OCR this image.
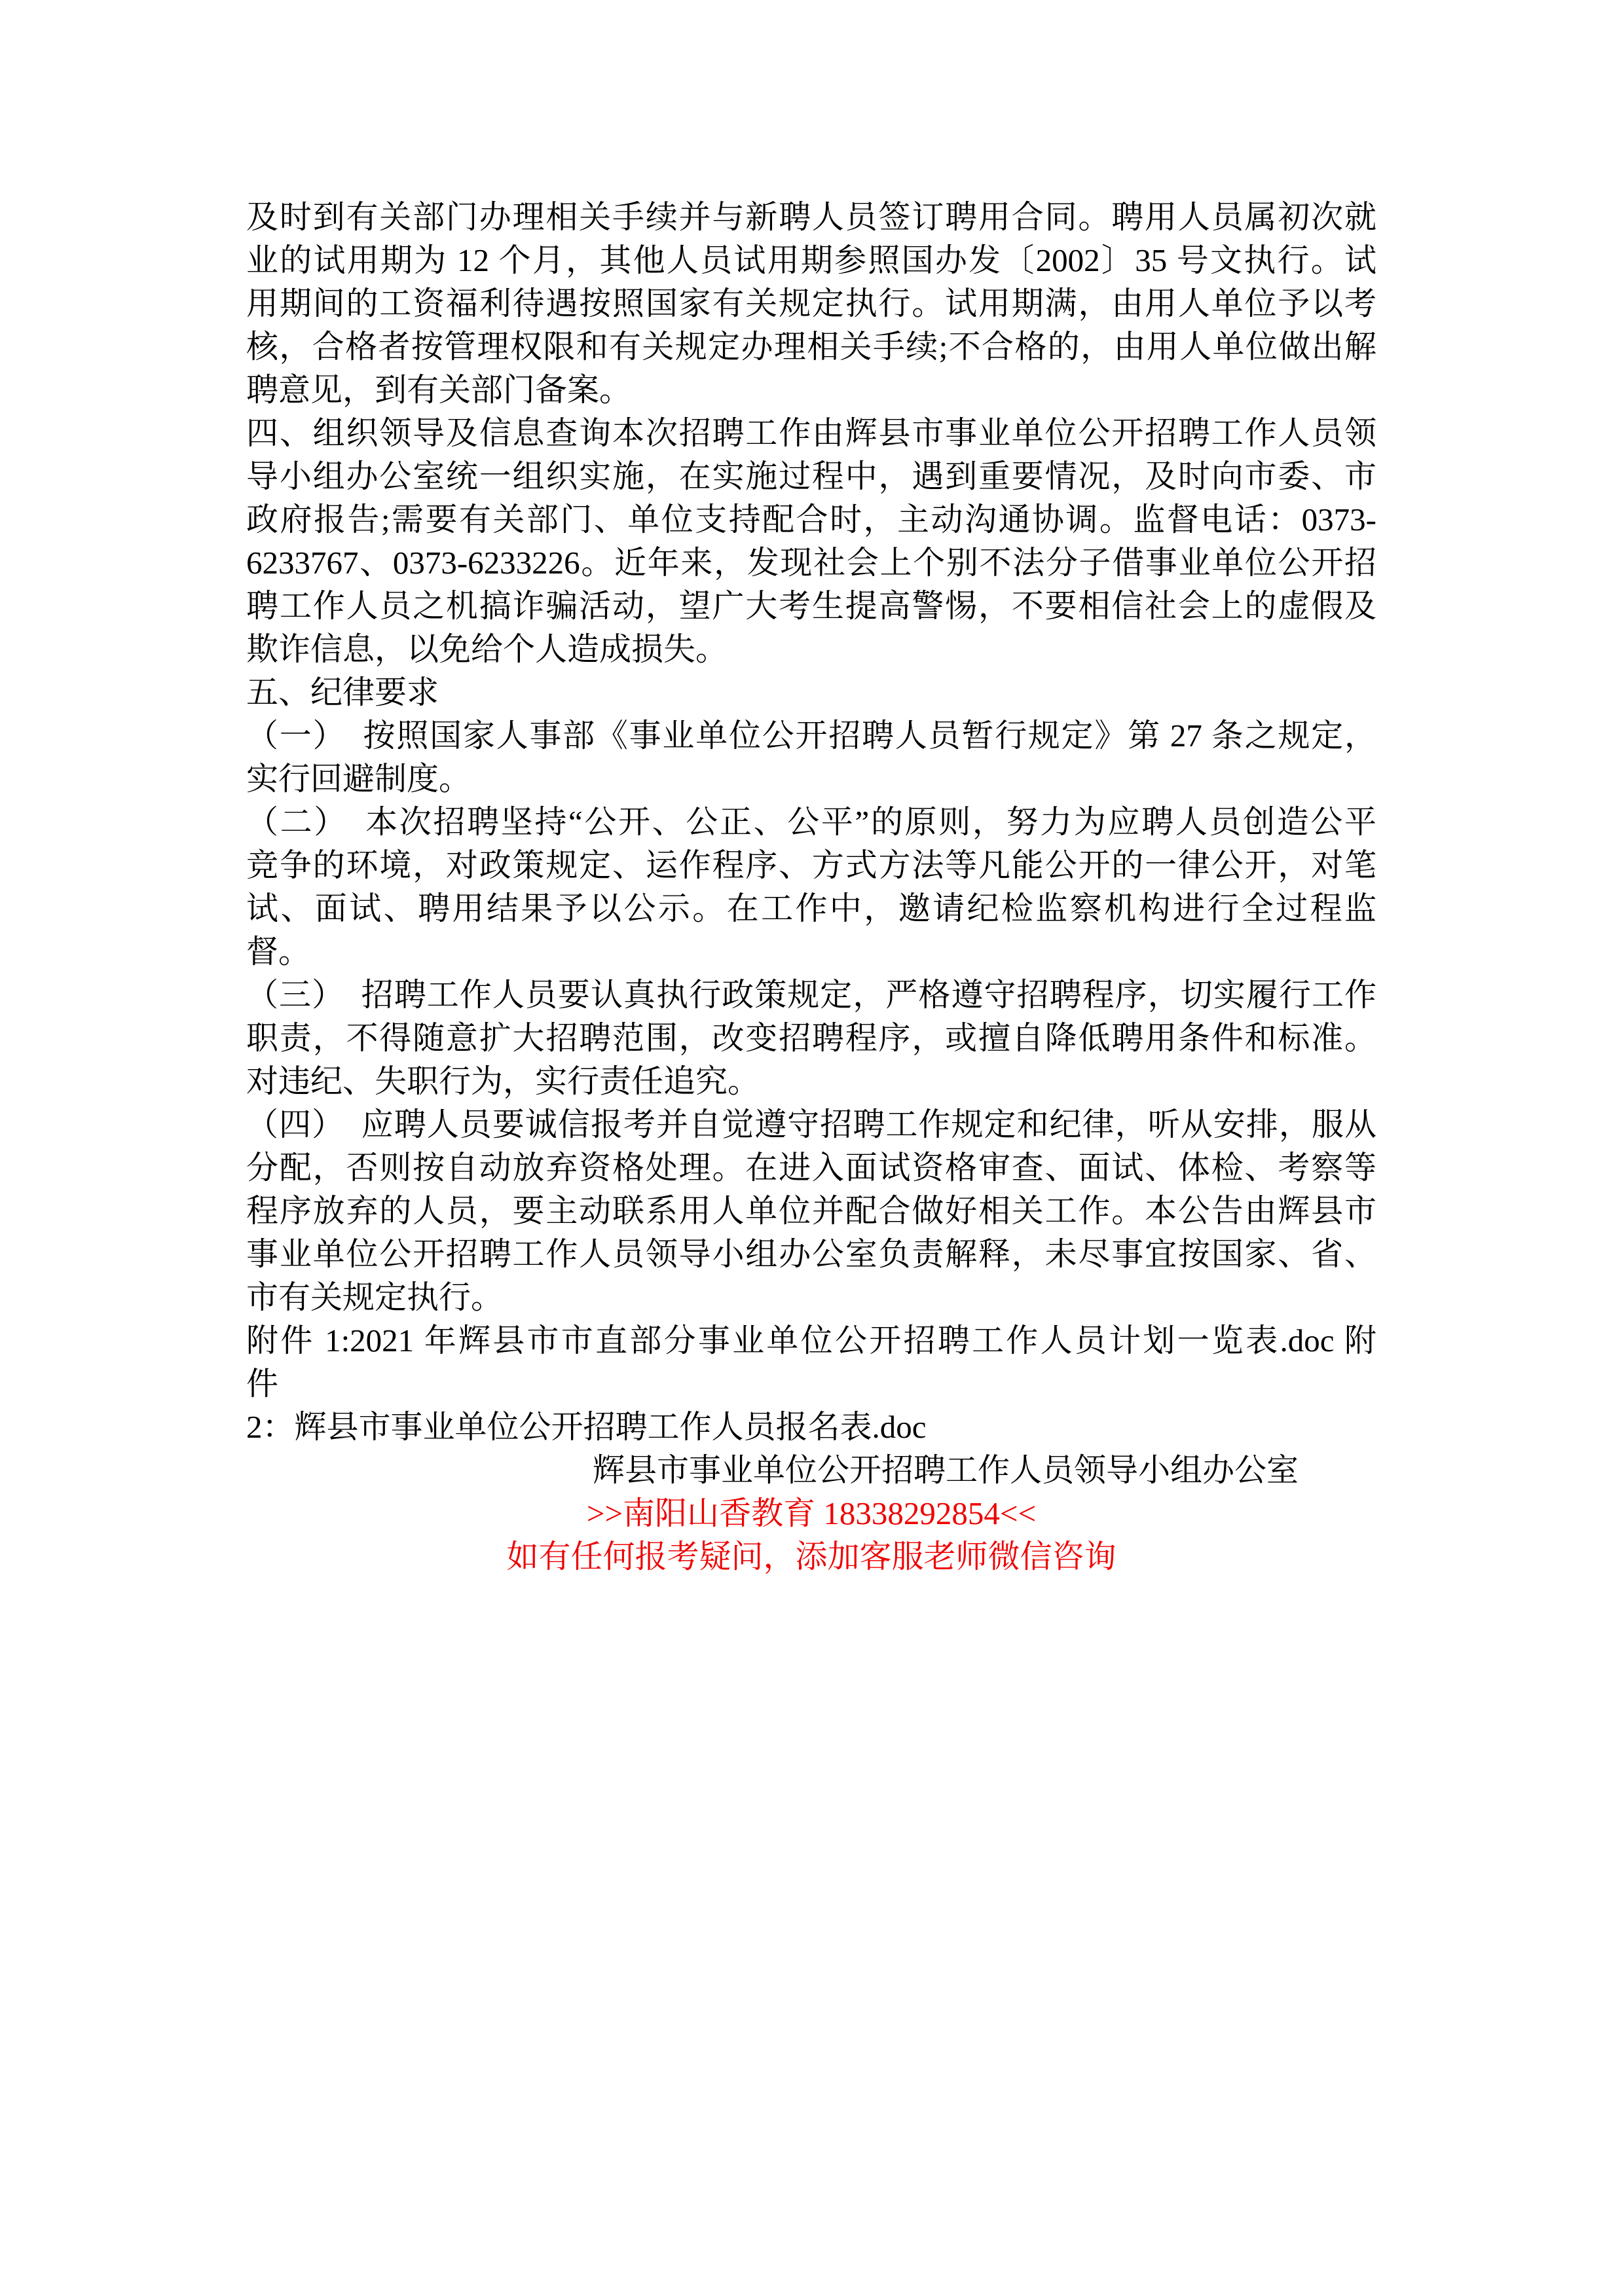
及时到有关部门办理相关手续并与新聘人员签订聘用合同。聘用人员属初次就
业的试用期为 12 个月，其他人员试用期参照国办发〔2002〕35 号文执行。试
用期间的工资福利待遇按照国家有关规定执行。试用期满，由用人单位予以考
核，合格者按管理权限和有关规定办理相关手续;不合格的，由用人单位做出解
聘意见，到有关部门备案。
四、组织领导及信息查询本次招聘工作由辉县市事业单位公开招聘工作人员领
导小组办公室统一组织实施，在实施过程中，遇到重要情况，及时向市委、市
政府报告;需要有关部门、单位支持配合时，主动沟通协调。监督电话：0373-
6233767、0373-6233226。近年来，发现社会上个别不法分子借事业单位公开招
聘工作人员之机搞诈骗活动，望广大考生提高警惕，不要相信社会上的虚假及
欺诈信息，以免给个人造成损失。
五、纪律要求
（一）　按照国家人事部《事业单位公开招聘人员暂行规定》第 27 条之规定，
实行回避制度。
（二）　本次招聘坚持“公开、公正、公平”的原则，努力为应聘人员创造公平
竞争的环境，对政策规定、运作程序、方式方法等凡能公开的一律公开，对笔
试、面试、聘用结果予以公示。在工作中，邀请纪检监察机构进行全过程监
督。
（三）　招聘工作人员要认真执行政策规定，严格遵守招聘程序，切实履行工作
职责，不得随意扩大招聘范围，改变招聘程序，或擅自降低聘用条件和标准。
对违纪、失职行为，实行责任追究。
（四）　应聘人员要诚信报考并自觉遵守招聘工作规定和纪律，听从安排，服从
分配，否则按自动放弃资格处理。在进入面试资格审查、面试、体检、考察等
程序放弃的人员，要主动联系用人单位并配合做好相关工作。本公告由辉县市
事业单位公开招聘工作人员领导小组办公室负责解释，未尽事宜按国家、省、
市有关规定执行。
附件 1:2021 年辉县市市直部分事业单位公开招聘工作人员计划一览表.doc 附
件
2：辉县市事业单位公开招聘工作人员报名表.doc
辉县市事业单位公开招聘工作人员领导小组办公室
>>南阳山香教育 18338292854<<
如有任何报考疑问，添加客服老师微信咨询
